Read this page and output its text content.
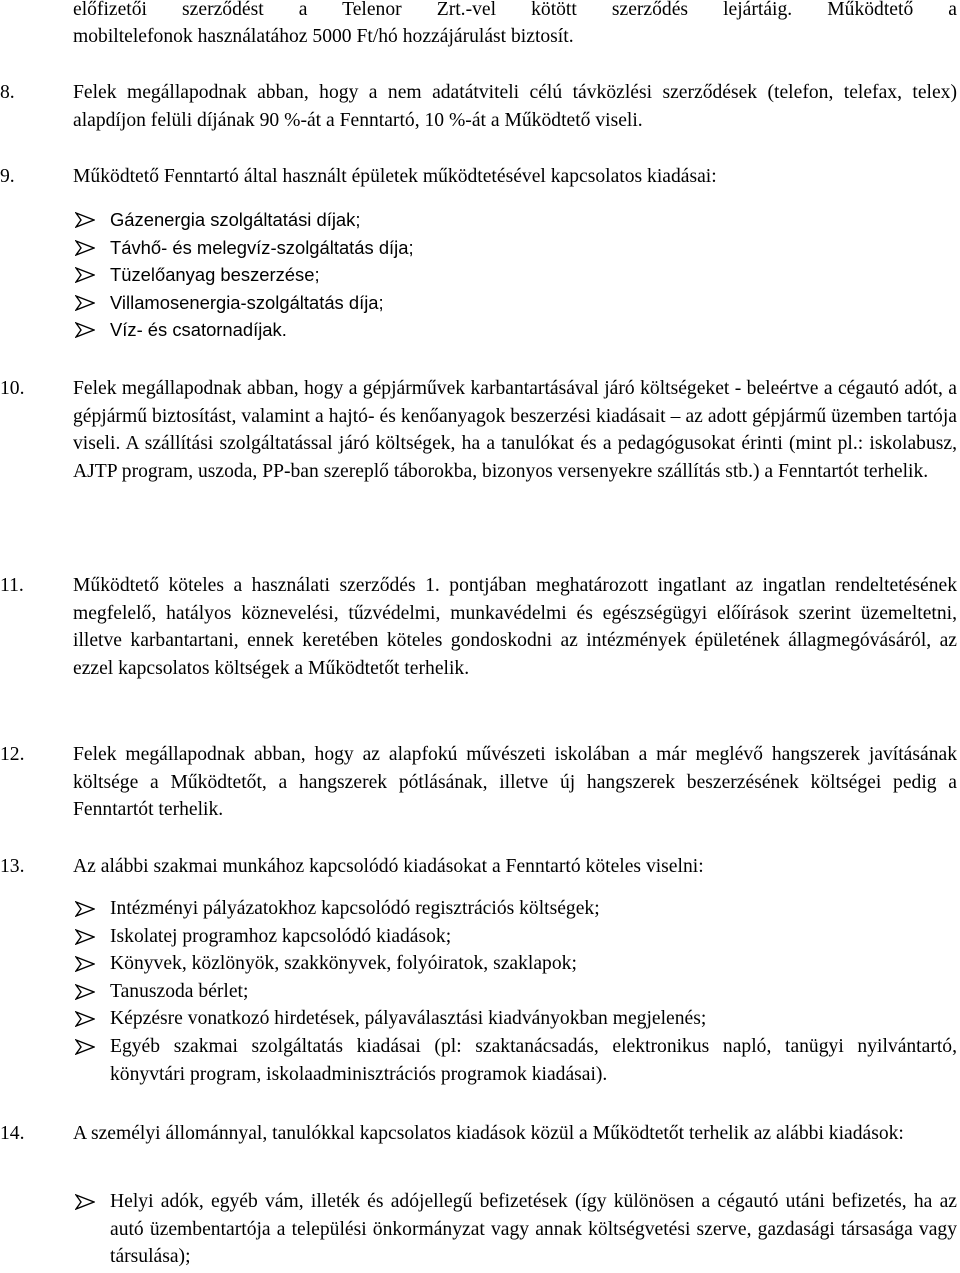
előfizetői szerződést a Telenor Zrt.-vel kötött szerződés lejártáig. Működtető a
mobiltelefonok használatához 5000 Ft/hó hozzájárulást biztosít.
8.	Felek megállapodnak abban, hogy a nem adatátviteli célú távközlési szerződések (telefon, telefax, telex) alapdíjon felüli díjának 90 %-át a Fenntartó, 10 %-át a Működtető viseli.
9.	Működtető Fenntartó által használt épületek működtetésével kapcsolatos kiadásai:
Gázenergia szolgáltatási díjak;
Távhő- és melegvíz-szolgáltatás díja;
Tüzelőanyag beszerzése;
Villamosenergia-szolgáltatás díja;
Víz- és csatornadíjak.
10.	Felek megállapodnak abban, hogy a gépjárművek karbantartásával járó költségeket - beleértve a cégautó adót, a gépjármű biztosítást, valamint a hajtó- és kenőanyagok beszerzési kiadásait – az adott gépjármű üzemben tartója viseli. A szállítási szolgáltatással járó költségek, ha a tanulókat és a pedagógusokat érinti (mint pl.: iskolabusz, AJTP program, uszoda, PP-ban szereplő táborokba, bizonyos versenyekre szállítás stb.) a Fenntartót terhelik.
11.	Működtető köteles a használati szerződés 1. pontjában meghatározott ingatlant az ingatlan rendeltetésének megfelelő, hatályos köznevelési, tűzvédelmi, munkavédelmi és egészségügyi előírások szerint üzemeltetni, illetve karbantartani, ennek keretében köteles gondoskodni az intézmények épületének állagmegóvásáról, az ezzel kapcsolatos költségek a Működtetőt terhelik.
12.	Felek megállapodnak abban, hogy az alapfokú művészeti iskolában a már meglévő hangszerek javításának költsége a Működtetőt, a hangszerek pótlásának, illetve új hangszerek beszerzésének költségei pedig a Fenntartót terhelik.
13.	Az alábbi szakmai munkához kapcsolódó kiadásokat a Fenntartó köteles viselni:
Intézményi pályázatokhoz kapcsolódó regisztrációs költségek;
Iskolatej programhoz kapcsolódó kiadások;
Könyvek, közlönyök, szakkönyvek, folyóiratok, szaklapok;
Tanuszoda bérlet;
Képzésre vonatkozó hirdetések, pályaválasztási kiadványokban megjelenés;
Egyéb szakmai szolgáltatás kiadásai (pl: szaktanácsadás, elektronikus napló, tanügyi nyilvántartó, könyvtári program, iskolaadminisztrációs programok kiadásai).
14.	A személyi állománnyal, tanulókkal kapcsolatos kiadások közül a Működtetőt terhelik az alábbi kiadások:
Helyi adók, egyéb vám, illeték és adójellegű befizetések (így különösen a cégautó utáni befizetés, ha az autó üzembentartója a települési önkormányzat vagy annak költségvetési szerve, gazdasági társasága vagy társulása);
